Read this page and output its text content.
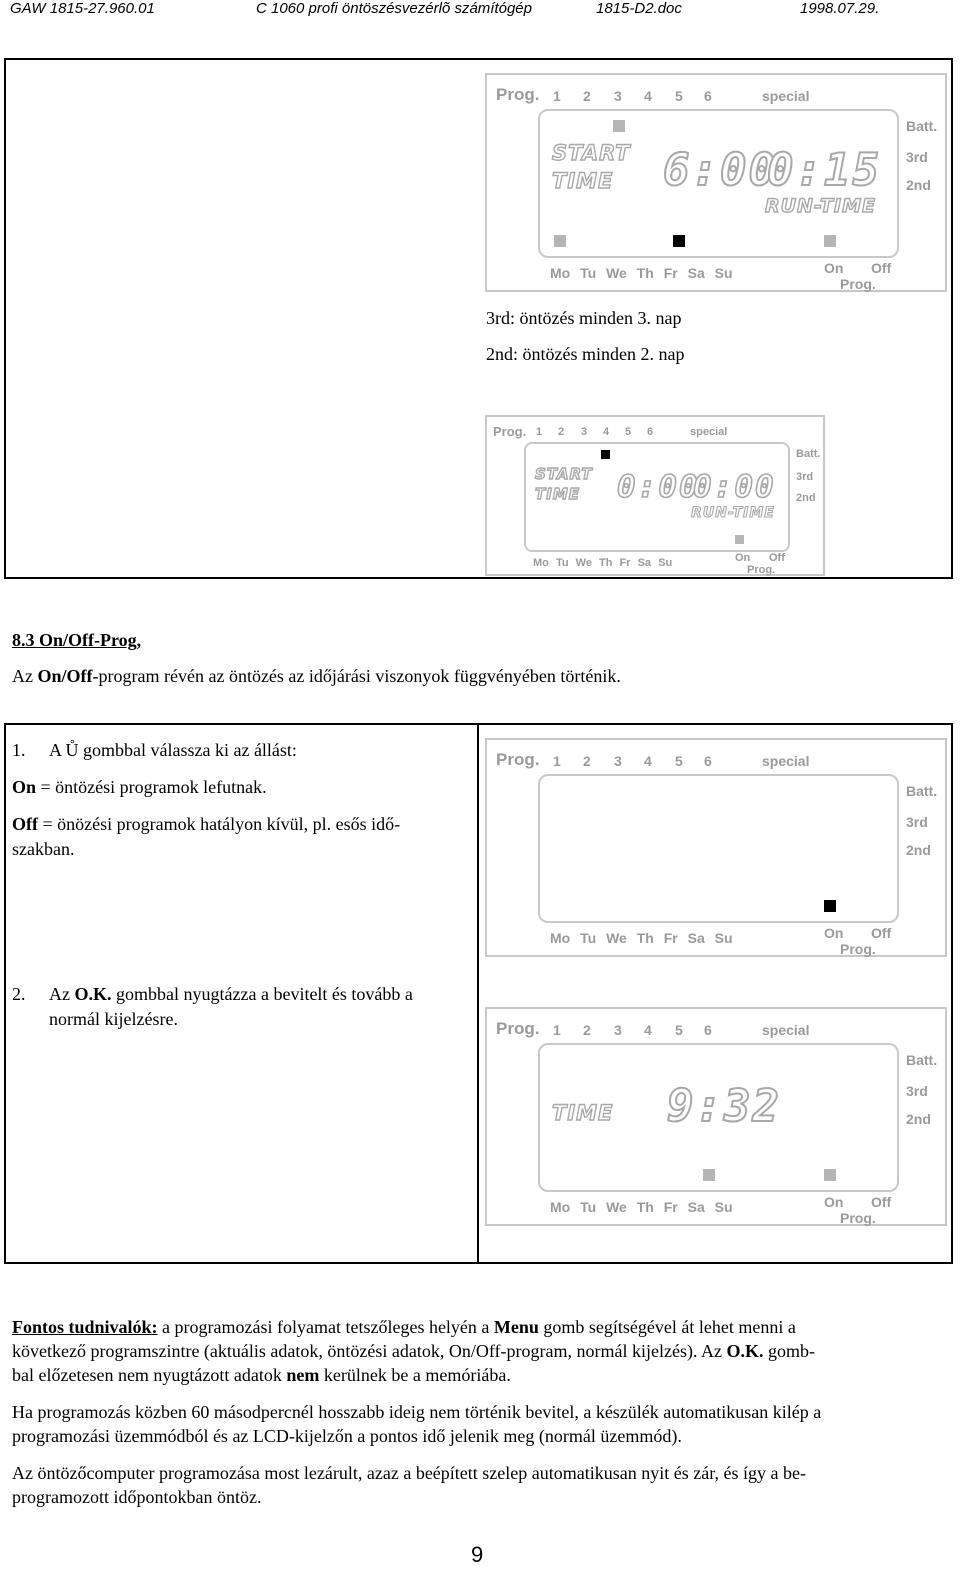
GAW 1815-27.960.01	C 1060 profi öntöszésvezérlõ számítógép	1815-D2.doc	1998.07.29.
Prog. 1 2 3 4 5 6	special
Batt.
3rd
2nd
START
TIME 6:00
0:15
RUN-TIME
Mo Tu We Th Fr Sa Su	On Off
Prog.
3rd: öntözés minden 3. nap
2nd: öntözés minden 2. nap
Prog. 1 2 3 4 5 6	special
Batt.
3rd
2nd
START
TIME 0:00
0:00
RUN-TIME
Mo Tu We Th Fr Sa Su	On Off
Prog.
8.3 On/Off-Prog,
Az On/Off-program révén az öntözés az időjárási viszonyok függvényében történik.
1. A Ů gombbal válassza ki az állást:
On = öntözési programok lefutnak.
Off = önözési programok hatályon kívül, pl. esős idő-
szakban.
2. Az O.K. gombbal nyugtázza a bevitelt és tovább a
normál kijelzésre.
Prog. 1 2 3 4 5 6	special
Batt.
3rd
2nd
Mo Tu We Th Fr Sa Su	On Off
Prog.
Prog. 1 2 3 4 5 6	special
Batt.
3rd
2nd
TIME 9:32
Mo Tu We Th Fr Sa Su	On Off
Prog.
Fontos tudnivalók: a programozási folyamat tetszőleges helyén a Menu gomb segítségével át lehet menni a
következő programszintre (aktuális adatok, öntözési adatok, On/Off-program, normál kijelzés). Az O.K. gomb-
bal előzetesen nem nyugtázott adatok nem kerülnek be a memóriába.
Ha programozás közben 60 másodpercnél hosszabb ideig nem történik bevitel, a készülék automatikusan kilép a
programozási üzemmódból és az LCD-kijelzőn a pontos idő jelenik meg (normál üzemmód).
Az öntözőcomputer programozása most lezárult, azaz a beépített szelep automatikusan nyit és zár, és így a be-
programozott időpontokban öntöz.
9
